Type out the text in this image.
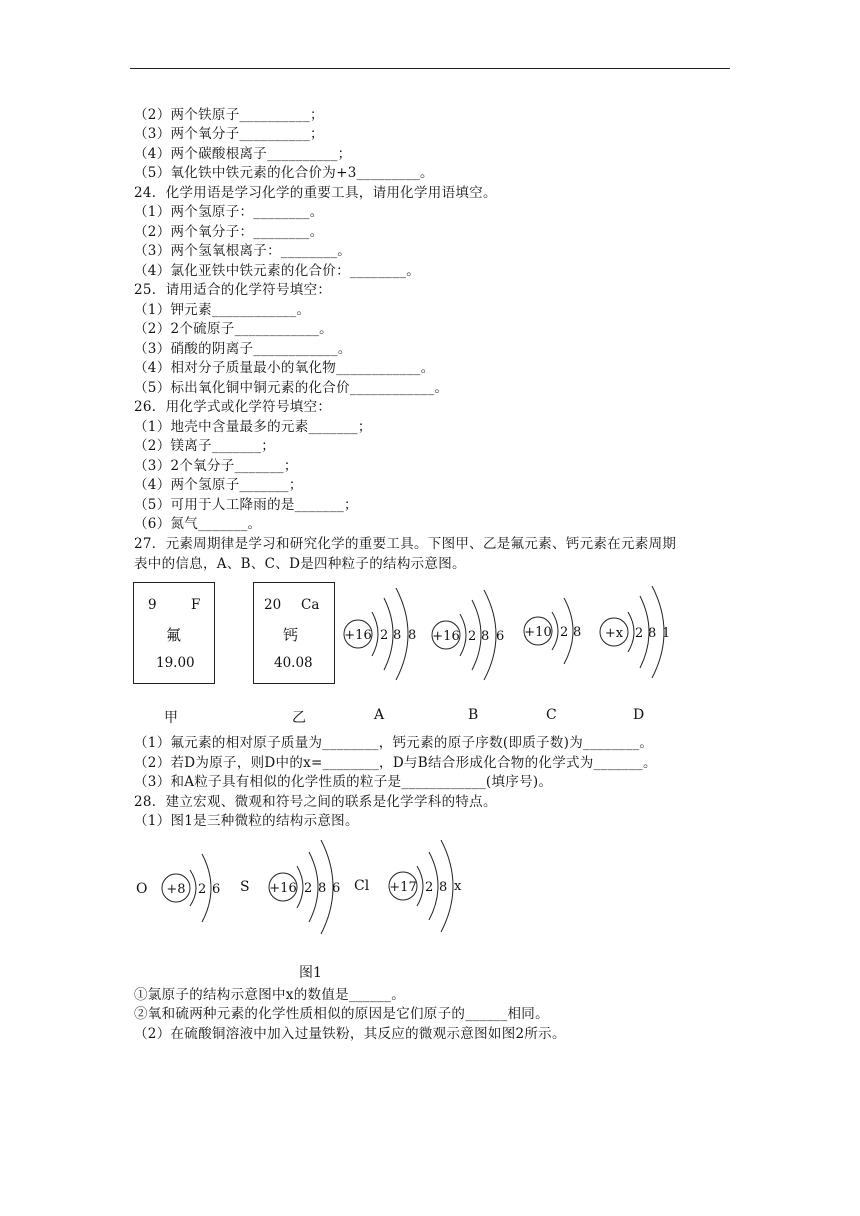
（2）两个铁原子__________；
（3）两个氧分子__________；
（4）两个碳酸根离子__________；
（5）氧化铁中铁元素的化合价为+3_________。
24．化学用语是学习化学的重要工具，请用化学用语填空。
（1）两个氢原子：________。
（2）两个氧分子：________。
（3）两个氢氧根离子：________。
（4）氯化亚铁中铁元素的化合价：________。
25．请用适合的化学符号填空：
（1）钾元素____________。
（2）2个硫原子____________。
（3）硝酸的阴离子____________。
（4）相对分子质量最小的氧化物____________。
（5）标出氧化铜中铜元素的化合价____________。
26．用化学式或化学符号填空：
（1）地壳中含量最多的元素_______；
（2）镁离子_______；
（3）2个氧分子_______；
（4）两个氢原子_______；
（5）可用于人工降雨的是_______；
（6）氮气_______。
27．元素周期律是学习和研究化学的重要工具。下图甲、乙是氟元素、钙元素在元素周期
表中的信息，A、B、C、D是四种粒子的结构示意图。
9	F
氟
19.00
20 Ca
钙
40.08
+16 2 8 8 +16 2 8 6 +10 2 8 +x 2 8 1
甲	乙	A	B	C	D
（1）氟元素的相对原子质量为________，钙元素的原子序数(即质子数)为________。
（2）若D为原子，则D中的x=________，D与B结合形成化合物的化学式为_______。
（3）和A粒子具有相似的化学性质的粒子是____________(填序号)。
28．建立宏观、微观和符号之间的联系是化学学科的特点。
（1）图1是三种微粒的结构示意图。
O +8 2 6 S +16 2 8 6 Cl +17 2 8 x
图1
①氯原子的结构示意图中x的数值是______。
②氧和硫两种元素的化学性质相似的原因是它们原子的______相同。
（2）在硫酸铜溶液中加入过量铁粉，其反应的微观示意图如图2所示。
